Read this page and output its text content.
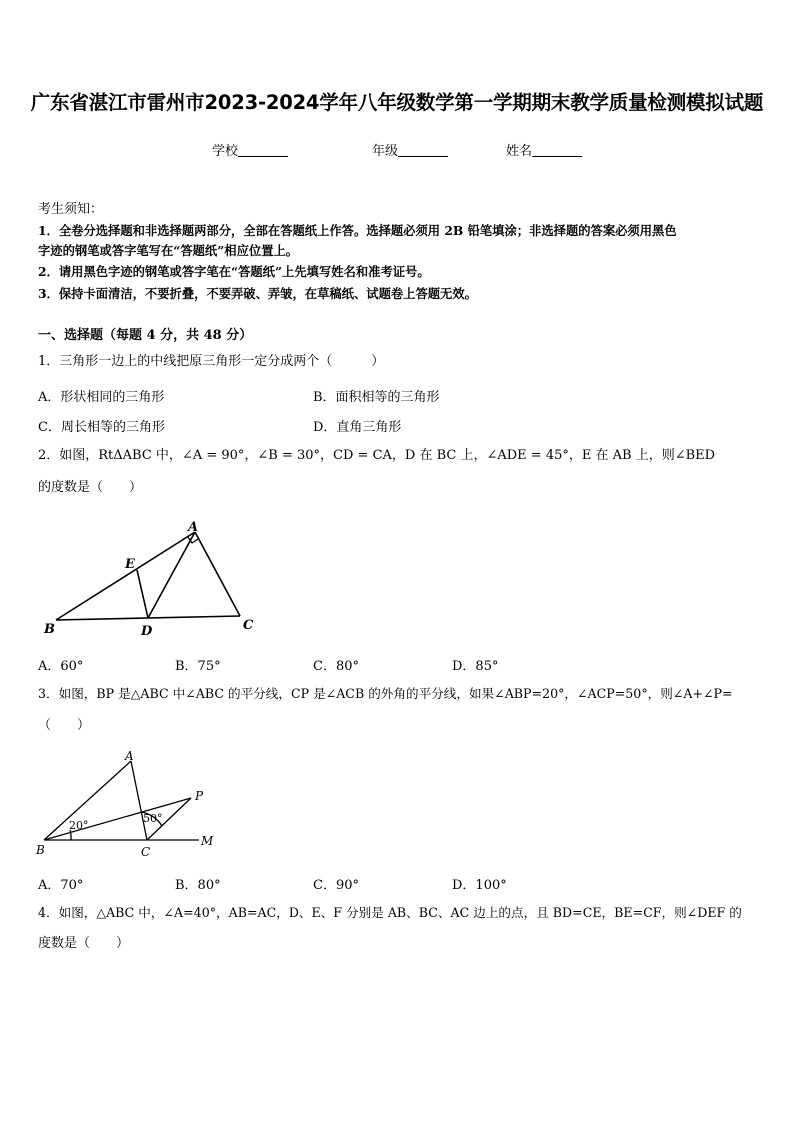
广东省湛江市雷州市2023-2024学年八年级数学第一学期期末教学质量检测模拟试题
学校	年级	姓名
考生须知：
1．全卷分选择题和非选择题两部分，全部在答题纸上作答。选择题必须用 2B 铅笔填涂；非选择题的答案必须用黑色
字迹的钢笔或答字笔写在“答题纸”相应位置上。
2．请用黑色字迹的钢笔或答字笔在“答题纸”上先填写姓名和准考证号。
3．保持卡面清洁，不要折叠，不要弄破、弄皱，在草稿纸、试题卷上答题无效。
一、选择题（每题 4 分，共 48 分）
1．三角形一边上的中线把原三角形一定分成两个（　　　）
A．形状相同的三角形	B．面积相等的三角形
C．周长相等的三角形	D．直角三角形
2．如图，RtΔABC 中，∠A = 90°，∠B = 30°，CD = CA，D 在 BC 上，∠ADE = 45°，E 在 AB 上，则∠BED
的度数是（　　）
A
B	C
D
E
A．60°	B．75°	C．80°	D．85°
3．如图，BP 是△ABC 中∠ABC 的平分线，CP 是∠ACB 的外角的平分线，如果∠ABP=20°，∠ACP=50°，则∠A+∠P=
（　　）
A
B	C
P
M
20°
50°
A．70°	B．80°	C．90°	D．100°
4．如图，△ABC 中，∠A=40°，AB=AC，D、E、F 分别是 AB、BC、AC 边上的点，且 BD=CE，BE=CF，则∠DEF 的
度数是（　　）
